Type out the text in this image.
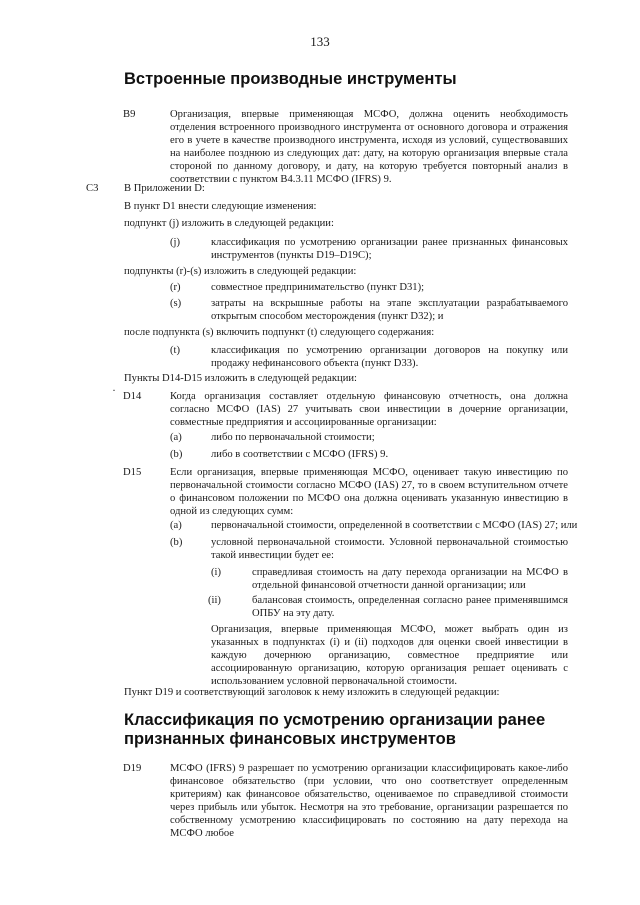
133
Встроенные производные инструменты
B9	Организация, впервые применяющая МСФО, должна оценить необходимость отделения встроенного производного инструмента от основного договора и отражения его в учете в качестве производного инструмента, исходя из условий, существовавших на наиболее позднюю из следующих дат: дату, на которую организация впервые стала стороной по данному договору, и дату, на которую требуется повторный анализ в соответствии с пунктом B4.3.11 МСФО (IFRS) 9.
C3 В Приложении D:
В пункт D1 внести следующие изменения:
подпункт (j) изложить в следующей редакции:
(j)	классификация по усмотрению организации ранее признанных финансовых инструментов (пункты D19–D19C);
подпункты (r)-(s) изложить в следующей редакции:
(r)	совместное предпринимательство (пункт D31);
(s)	затраты на вскрышные работы на этапе эксплуатации разрабатываемого открытым способом месторождения (пункт D32); и
после подпункта (s) включить подпункт (t) следующего содержания:
(t)	классификация по усмотрению организации договоров на покупку или продажу нефинансового объекта (пункт D33).
Пункты D14-D15 изложить в следующей редакции:
· D14	Когда организация составляет отдельную финансовую отчетность, она должна согласно МСФО (IAS) 27 учитывать свои инвестиции в дочерние организации, совместные предприятия и ассоциированные организации:
(a)	либо по первоначальной стоимости;
(b)	либо в соответствии с МСФО (IFRS) 9.
D15	Если организация, впервые применяющая МСФО, оценивает такую инвестицию по первоначальной стоимости согласно МСФО (IAS) 27, то в своем вступительном отчете о финансовом положении по МСФО она должна оценивать указанную инвестицию в одной из следующих сумм:
(a)	первоначальной стоимости, определенной в соответствии с МСФО (IAS) 27; или
(b)	условной первоначальной стоимости. Условной первоначальной стоимостью такой инвестиции будет ее:
(i)	справедливая стоимость на дату перехода организации на МСФО в отдельной финансовой отчетности данной организации; или
(ii)	балансовая стоимость, определенная согласно ранее применявшимся ОПБУ на эту дату.
Организация, впервые применяющая МСФО, может выбрать один из указанных в подпунктах (i) и (ii) подходов для оценки своей инвестиции в каждую дочернюю организацию, совместное предприятие или ассоциированную организацию, которую организация решает оценивать с использованием условной первоначальной стоимости.
Пункт D19 и соответствующий заголовок к нему изложить в следующей редакции:
Классификация по усмотрению организации ранее
признанных финансовых инструментов
D19	МСФО (IFRS) 9 разрешает по усмотрению организации классифицировать какое-либо финансовое обязательство (при условии, что оно соответствует определенным критериям) как финансовое обязательство, оцениваемое по справедливой стоимости через прибыль или убыток. Несмотря на это требование, организации разрешается по собственному усмотрению классифицировать по состоянию на дату перехода на МСФО любое
